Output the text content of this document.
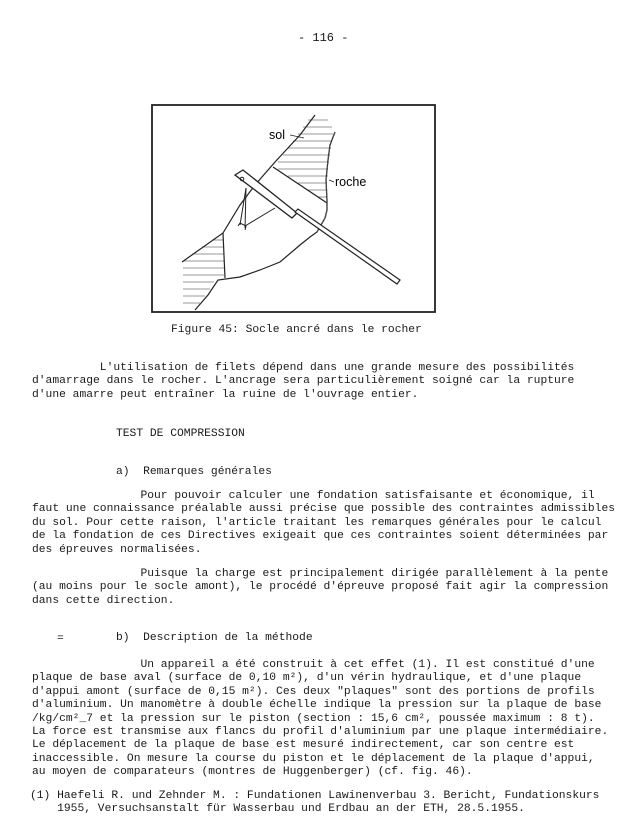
- 116 -
sol
roche
Figure 45: Socle ancré dans le rocher
L'utilisation de filets dépend dans une grande mesure des possibilités
d'amarrage dans le rocher. L'ancrage sera particulièrement soigné car la rupture
d'une amarre peut entraîner la ruine de l'ouvrage entier.
TEST DE COMPRESSION
a)  Remarques générales
Pour pouvoir calculer une fondation satisfaisante et économique, il
faut une connaissance préalable aussi précise que possible des contraintes admissibles
du sol. Pour cette raison, l'article traitant les remarques générales pour le calcul
de la fondation de ces Directives exigeait que ces contraintes soient déterminées par
des épreuves normalisées.
Puisque la charge est principalement dirigée parallèlement à la pente
(au moins pour le socle amont), le procédé d'épreuve proposé fait agir la compression
dans cette direction.
=	b)  Description de la méthode
Un appareil a été construit à cet effet (1). Il est constitué d'une
plaque de base aval (surface de 0,10 m²), d'un vérin hydraulique, et d'une plaque
d'appui amont (surface de 0,15 m²). Ces deux "plaques" sont des portions de profils
d'aluminium. Un manomètre à double échelle indique la pression sur la plaque de base
/kg/cm²_7 et la pression sur le piston (section : 15,6 cm², poussée maximum : 8 t).
La force est transmise aux flancs du profil d'aluminium par une plaque intermédiaire.
Le déplacement de la plaque de base est mesuré indirectement, car son centre est
inaccessible. On mesure la course du piston et le déplacement de la plaque d'appui,
au moyen de comparateurs (montres de Huggenberger) (cf. fig. 46).
(1) Haefeli R. und Zehnder M. : Fundationen Lawinenverbau 3. Bericht, Fundationskurs
1955, Versuchsanstalt für Wasserbau und Erdbau an der ETH, 28.5.1955.
